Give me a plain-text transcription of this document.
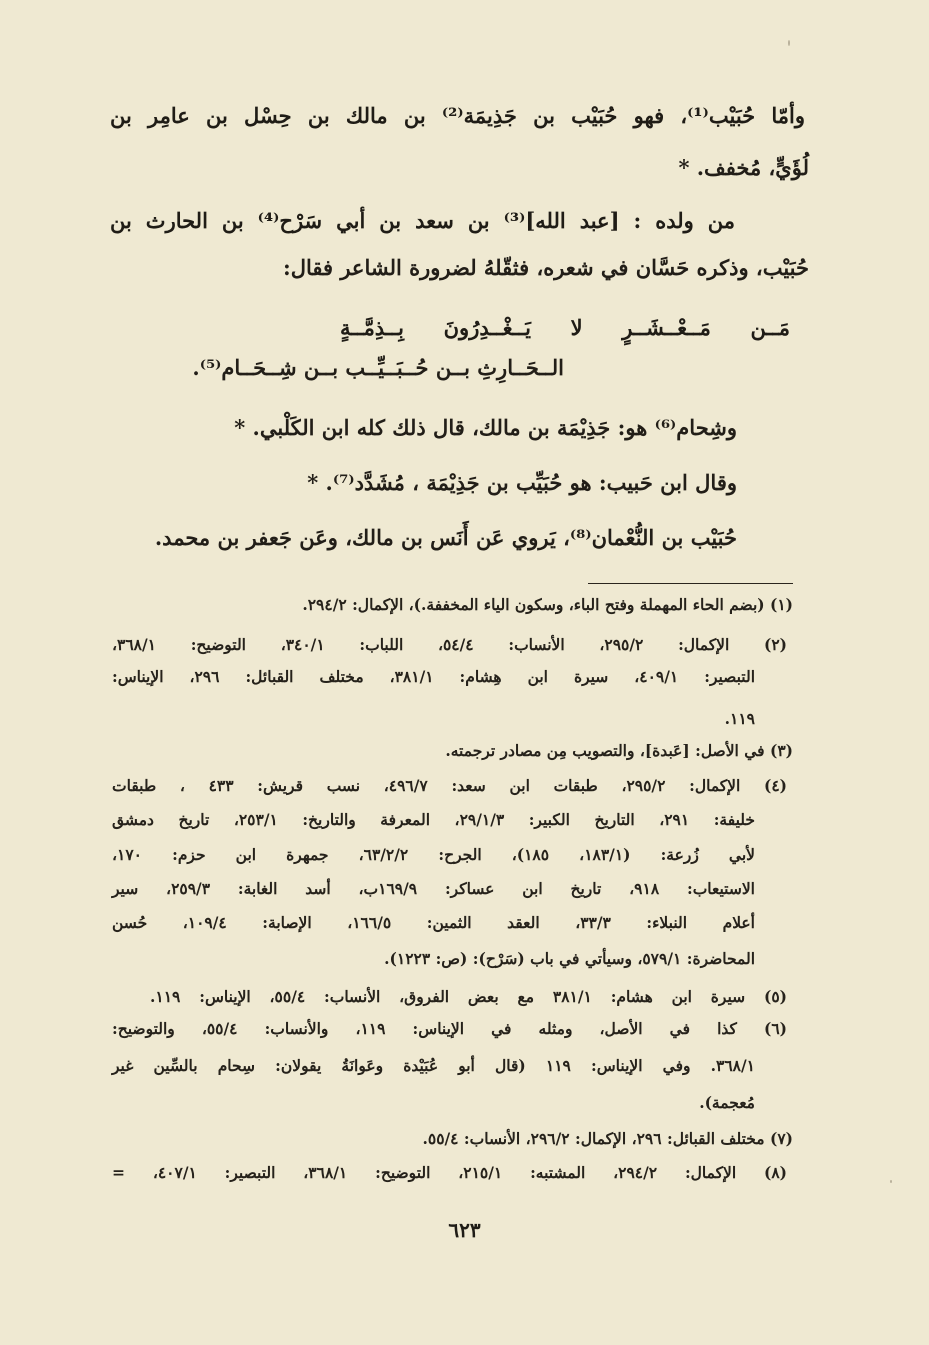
وأمّا حُبَيْب⁽¹⁾، فهو حُبَيْب بن جَذِيمَة⁽²⁾ بن مالك بن حِسْل بن عامِر بن
لُؤَيٍّ، مُخفف. *
من ولده : [عبد الله]⁽³⁾ بن سعد بن أبي سَرْح⁽⁴⁾ بن الحارث بن
حُبَيْب، وذكره حَسَّان في شعره، فثقّلهُ لضرورة الشاعر فقال:
مَــن مَــعْــشَــرٍ لا يَــغْــدِرُونَ بِــذِمَّــةٍ
الــحَــارِثِ بــن حُــبَــيِّــب بــن شِــحَــام⁽⁵⁾.
وشِحام⁽⁶⁾ هو: جَذِيْمَة بن مالك، قال ذلك كله ابن الكَلْبي. *
وقال ابن حَبيب: هو حُبَيِّب بن جَذِيْمَة ، مُشَدَّد⁽⁷⁾. *
حُبَيْب بن النُّعْمان⁽⁸⁾، يَروي عَن أَنَس بن مالك، وعَن جَعفر بن محمد.
(١) (بضم الحاء المهملة وفتح الباء، وسكون الياء المخففة.)، الإكمال: ٢٩٤/٢.
(٢) الإكمال: ٢٩٥/٢، الأنساب: ٥٤/٤، اللباب: ٣٤٠/١، التوضيح: ٣٦٨/١،
التبصير: ٤٠٩/١، سيرة ابن هِشام: ٣٨١/١، مختلف القبائل: ٢٩٦، الإيناس:
١١٩.
(٣) في الأصل: [عَبدة]، والتصويب مِن مصادر ترجمته.
(٤) الإكمال: ٢٩٥/٢، طبقات ابن سعد: ٤٩٦/٧، نسب قريش: ٤٣٣ ، طبقات
خليفة: ٢٩١، التاريخ الكبير: ٢٩/١/٣، المعرفة والتاريخ: ٢٥٣/١، تاريخ دمشق
لأبي زُرعة: (١٨٣/١، ١٨٥)، الجرح: ٦٣/٢/٢، جمهرة ابن حزم: ١٧٠،
الاستيعاب: ٩١٨، تاريخ ابن عساكر: ١٦٩/٩ب، أسد الغابة: ٢٥٩/٣، سير
أعلام النبلاء: ٣٣/٣، العقد الثمين: ١٦٦/٥، الإصابة: ١٠٩/٤، حُسن
المحاضرة: ٥٧٩/١، وسيأتي في باب (سَرْح): (ص: ١٢٢٣).
(٥) سيرة ابن هشام: ٣٨١/١ مع بعض الفروق، الأنساب: ٥٥/٤، الإيناس: ١١٩.
(٦) كذا في الأصل، ومثله في الإيناس: ١١٩، والأنساب: ٥٥/٤، والتوضيح:
٣٦٨/١. وفي الإيناس: ١١٩ (قال أبو عُبَيْدة وعَوانَةُ يقولان: سِحام بالسِّين غير
مُعجمة).
(٧) مختلف القبائل: ٢٩٦، الإكمال: ٢٩٦/٢، الأنساب: ٥٥/٤.
(٨) الإكمال: ٢٩٤/٢، المشتبه: ٢١٥/١، التوضيح: ٣٦٨/١، التبصير: ٤٠٧/١، =
٦٢٣
